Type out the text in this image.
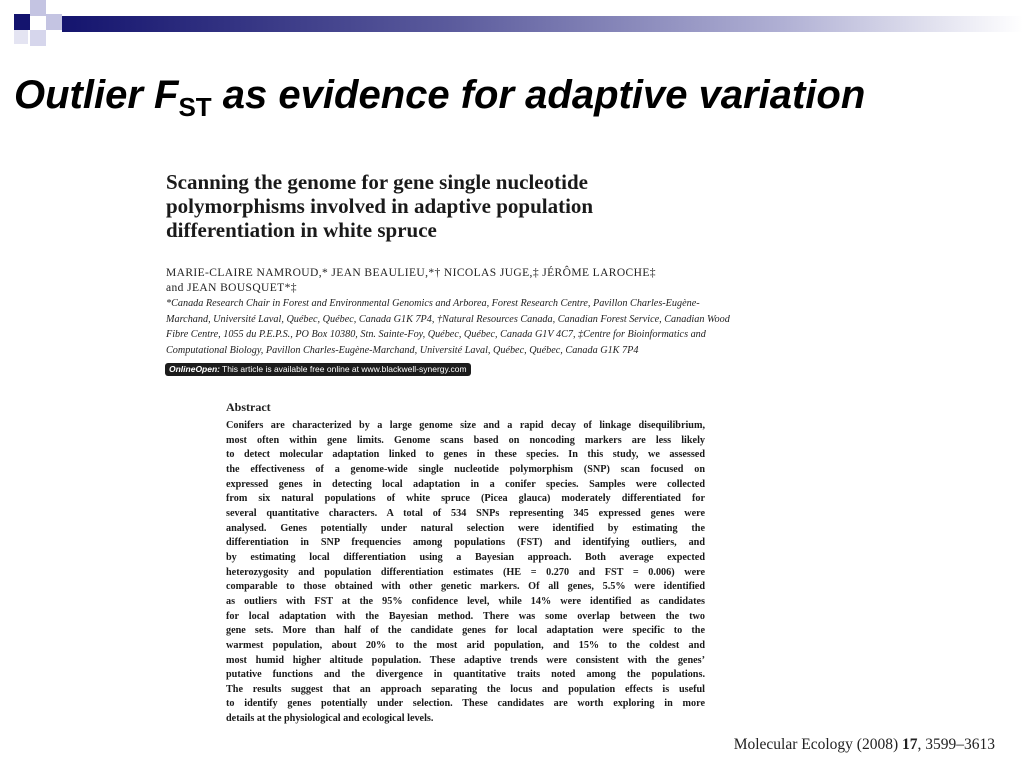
Outlier $F_{ST}$ as evidence for adaptive variation
Scanning the genome for gene single nucleotide
polymorphisms involved in adaptive population
differentiation in white spruce
MARIE-CLAIRE NAMROUD,* JEAN BEAULIEU,*† NICOLAS JUGE,‡ JÉRÔME LAROCHE‡
and JEAN BOUSQUET*‡
*Canada Research Chair in Forest and Environmental Genomics and Arborea, Forest Research Centre, Pavillon Charles-Eugène-
Marchand, Université Laval, Québec, Québec, Canada G1K 7P4, †Natural Resources Canada, Canadian Forest Service, Canadian Wood
Fibre Centre, 1055 du P.E.P.S., PO Box 10380, Stn. Sainte-Foy, Québec, Québec, Canada G1V 4C7, ‡Centre for Bioinformatics and
Computational Biology, Pavillon Charles-Eugène-Marchand, Université Laval, Québec, Québec, Canada G1K 7P4
OnlineOpen: This article is available free online at www.blackwell-synergy.com
Abstract
Conifers are characterized by a large genome size and a rapid decay of linkage disequilibrium,
most often within gene limits. Genome scans based on noncoding markers are less likely
to detect molecular adaptation linked to genes in these species. In this study, we assessed
the effectiveness of a genome-wide single nucleotide polymorphism (SNP) scan focused on
expressed genes in detecting local adaptation in a conifer species. Samples were collected
from six natural populations of white spruce (Picea glauca) moderately differentiated for
several quantitative characters. A total of 534 SNPs representing 345 expressed genes were
analysed. Genes potentially under natural selection were identified by estimating the
differentiation in SNP frequencies among populations (FST) and identifying outliers, and
by estimating local differentiation using a Bayesian approach. Both average expected
heterozygosity and population differentiation estimates (HE = 0.270 and FST = 0.006) were
comparable to those obtained with other genetic markers. Of all genes, 5.5% were identified
as outliers with FST at the 95% confidence level, while 14% were identified as candidates
for local adaptation with the Bayesian method. There was some overlap between the two
gene sets. More than half of the candidate genes for local adaptation were specific to the
warmest population, about 20% to the most arid population, and 15% to the coldest and
most humid higher altitude population. These adaptive trends were consistent with the genes’
putative functions and the divergence in quantitative traits noted among the populations.
The results suggest that an approach separating the locus and population effects is useful
to identify genes potentially under selection. These candidates are worth exploring in more
details at the physiological and ecological levels.
Molecular Ecology (2008) 17, 3599–3613
